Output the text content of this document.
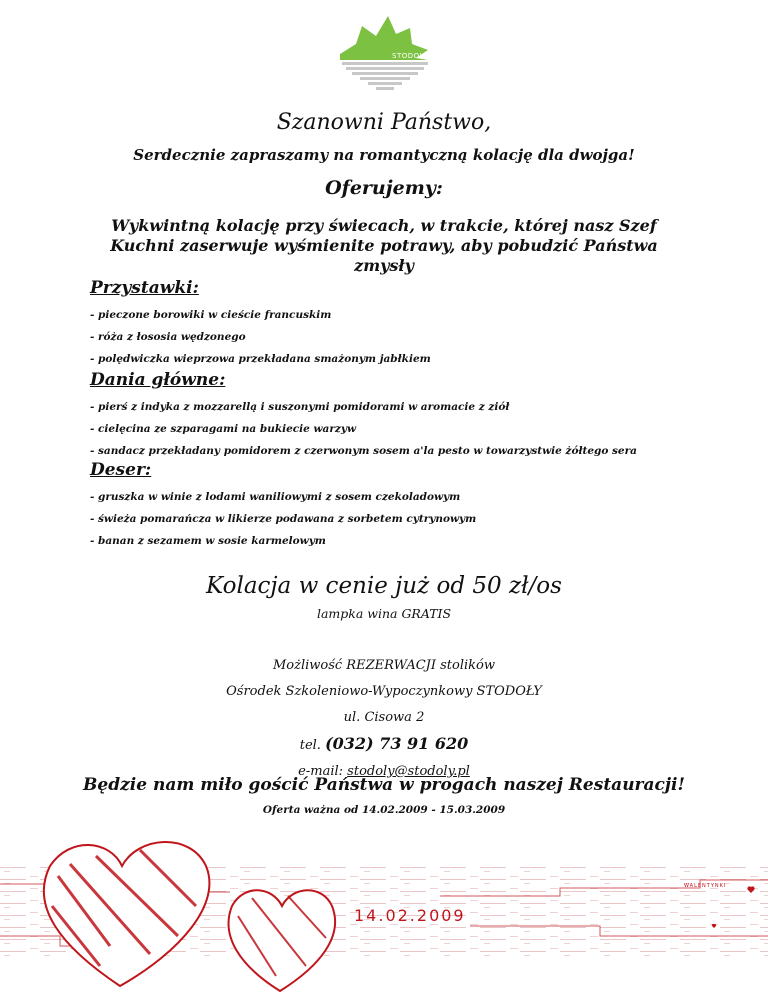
STODOŁY
Szanowni Państwo,
Serdecznie zapraszamy na romantyczną kolację dla dwojga!
Oferujemy:
Wykwintną kolację przy świecach, w trakcie, której nasz Szef Kuchni zaserwuje wyśmienite potrawy, aby pobudzić Państwa zmysły
Przystawki:
- pieczone borowiki w cieście francuskim
- róża z łososia wędzonego
- polędwiczka wieprzowa przekładana smażonym jabłkiem
Dania główne:
- pierś z indyka z mozzarellą i suszonymi pomidorami w aromacie z ziół
- cielęcina ze szparagami na bukiecie warzyw
- sandacz przekładany pomidorem z czerwonym sosem a'la pesto w towarzystwie żółtego sera
Deser:
- gruszka w winie z lodami waniliowymi z sosem czekoladowym
- świeża pomarańcza w likierze podawana z sorbetem cytrynowym
- banan z sezamem w sosie karmelowym
Kolacja w cenie już od 50 zł/os
lampka wina GRATIS
Możliwość REZERWACJI stolików
Ośrodek Szkoleniowo-Wypoczynkowy STODOŁY
ul. Cisowa 2
tel. (032) 73 91 620
e-mail: stodoly@stodoly.pl
Będzie nam miło gościć Państwa w progach naszej Restauracji!
Oferta ważna od 14.02.2009 - 15.03.2009
WALENTYNKI
14.02.2009
